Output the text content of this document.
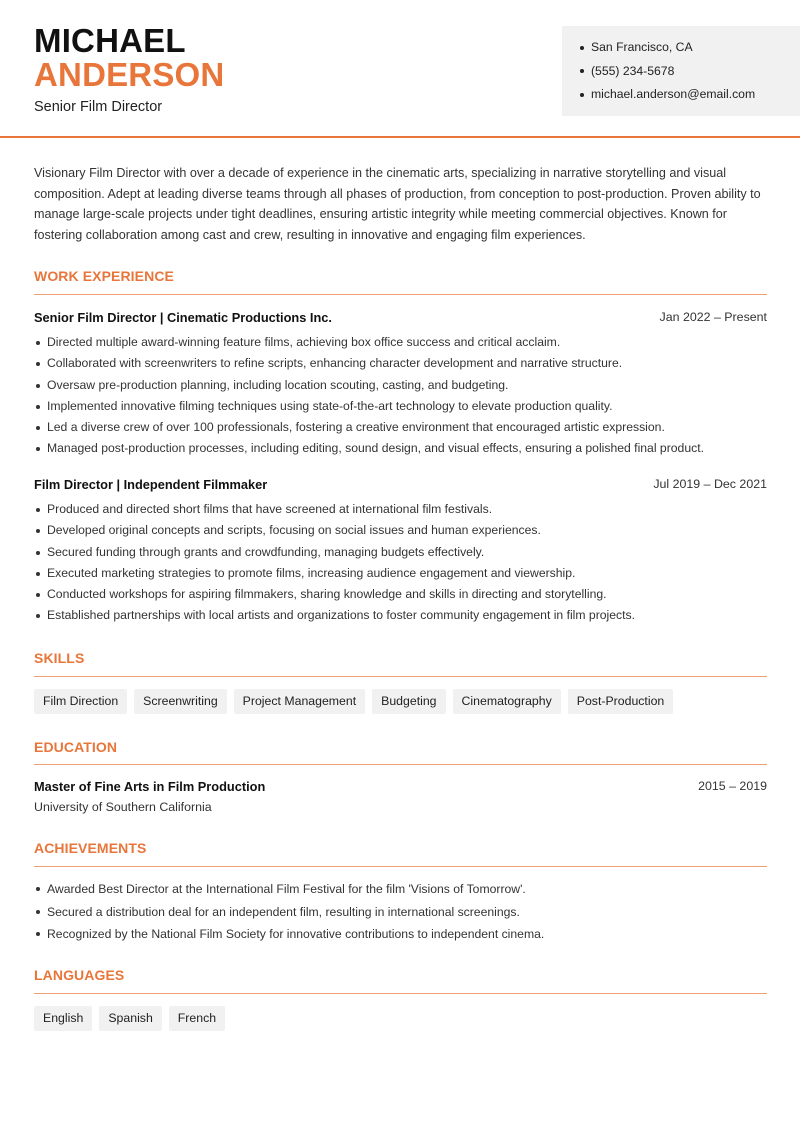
MICHAEL
ANDERSON
Senior Film Director
San Francisco, CA
(555) 234-5678
michael.anderson@email.com

Visionary Film Director with over a decade of experience in the cinematic arts, specializing in narrative storytelling and visual composition. Adept at leading diverse teams through all phases of production, from conception to post-production. Proven ability to manage large-scale projects under tight deadlines, ensuring artistic integrity while meeting commercial objectives. Known for fostering collaboration among cast and crew, resulting in innovative and engaging film experiences.

WORK EXPERIENCE
Senior Film Director | Cinematic Productions Inc.	Jan 2022 – Present
Directed multiple award-winning feature films, achieving box office success and critical acclaim.
Collaborated with screenwriters to refine scripts, enhancing character development and narrative structure.
Oversaw pre-production planning, including location scouting, casting, and budgeting.
Implemented innovative filming techniques using state-of-the-art technology to elevate production quality.
Led a diverse crew of over 100 professionals, fostering a creative environment that encouraged artistic expression.
Managed post-production processes, including editing, sound design, and visual effects, ensuring a polished final product.
Film Director | Independent Filmmaker	Jul 2019 – Dec 2021
Produced and directed short films that have screened at international film festivals.
Developed original concepts and scripts, focusing on social issues and human experiences.
Secured funding through grants and crowdfunding, managing budgets effectively.
Executed marketing strategies to promote films, increasing audience engagement and viewership.
Conducted workshops for aspiring filmmakers, sharing knowledge and skills in directing and storytelling.
Established partnerships with local artists and organizations to foster community engagement in film projects.
SKILLS
Film Direction	Screenwriting	Project Management	Budgeting	Cinematography	Post-Production
EDUCATION
Master of Fine Arts in Film Production	2015 – 2019
University of Southern California
ACHIEVEMENTS
Awarded Best Director at the International Film Festival for the film 'Visions of Tomorrow'.
Secured a distribution deal for an independent film, resulting in international screenings.
Recognized by the National Film Society for innovative contributions to independent cinema.
LANGUAGES
English	Spanish	French
